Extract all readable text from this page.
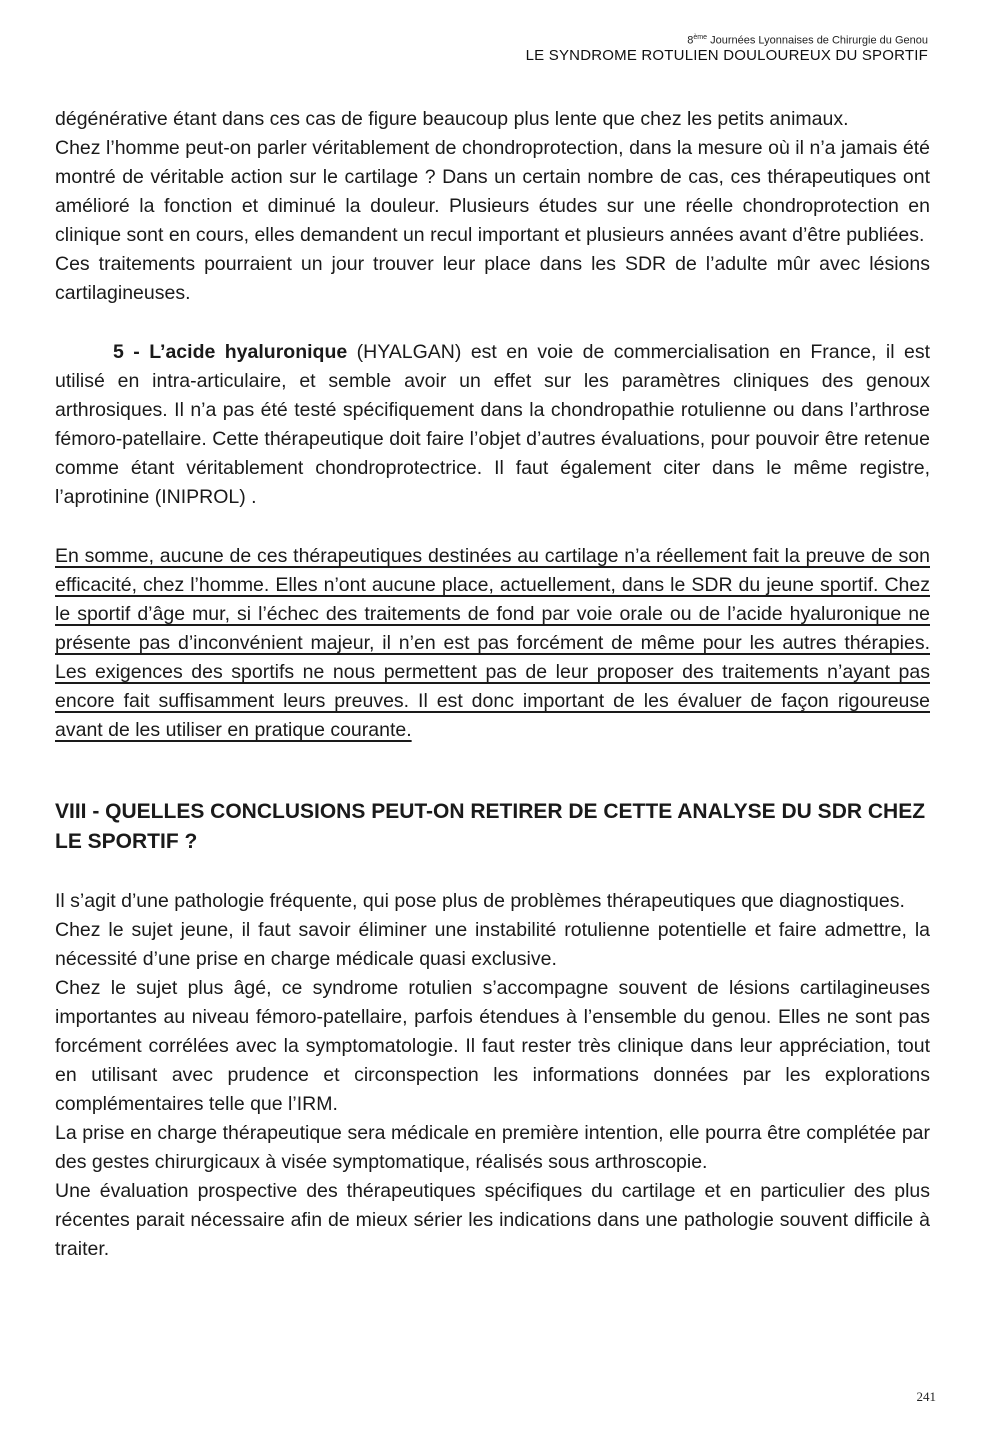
8ème Journées Lyonnaises de Chirurgie du Genou
LE SYNDROME ROTULIEN DOULOUREUX DU SPORTIF

dégénérative étant dans ces cas de figure beaucoup plus lente que chez les petits animaux.

Chez l’homme peut-on parler véritablement de chondroprotection, dans la mesure où il n’a jamais été montré de véritable action sur le cartilage ? Dans un certain nombre de cas, ces thérapeutiques ont amélioré la fonction et diminué la douleur. Plusieurs études sur une réelle chondroprotection en clinique sont en cours, elles demandent un recul important et plusieurs années avant d’être publiées.

Ces traitements pourraient un jour trouver leur place dans les SDR de l’adulte mûr avec lésions cartilagineuses.

5 - L’acide hyaluronique (HYALGAN) est en voie de commercialisation en France, il est utilisé en intra-articulaire, et semble avoir un effet sur les paramètres cliniques des genoux arthrosiques. Il n’a pas été testé spécifiquement dans la chondropathie rotulienne ou dans l’arthrose fémoro-patellaire. Cette thérapeutique doit faire l’objet d’autres évaluations, pour pouvoir être retenue comme étant véritablement chondroprotectrice. Il faut également citer dans le même registre, l’aprotinine (INIPROL) .

En somme, aucune de ces thérapeutiques destinées au cartilage n’a réellement fait la preuve de son efficacité, chez l’homme. Elles n’ont aucune place, actuellement, dans le SDR du jeune sportif. Chez le sportif d’âge mur, si l’échec des traitements de fond par voie orale ou de l’acide hyaluronique ne présente pas d’inconvénient majeur, il n’en est pas forcément de même pour les autres thérapies. Les exigences des sportifs ne nous permettent pas de leur proposer des traitements n’ayant pas encore fait suffisamment leurs preuves. Il est donc important de les évaluer de façon rigoureuse avant de les utiliser en pratique courante.

VIII - QUELLES CONCLUSIONS PEUT-ON RETIRER DE CETTE ANALYSE DU SDR CHEZ LE SPORTIF ?

Il s’agit d’une pathologie fréquente, qui pose plus de problèmes thérapeutiques que diagnostiques.

Chez le sujet jeune, il faut savoir éliminer une instabilité rotulienne potentielle et faire admettre, la nécessité d’une prise en charge médicale quasi exclusive.

Chez le sujet plus âgé, ce syndrome rotulien s’accompagne souvent de lésions cartilagineuses importantes au niveau fémoro-patellaire, parfois étendues à l’ensemble du genou. Elles ne sont pas forcément corrélées avec la symptomatologie. Il faut rester très clinique dans leur appréciation, tout en utilisant avec prudence et circonspection les informations données par les explorations complémentaires telle que l’IRM.

La prise en charge thérapeutique sera médicale en première intention, elle pourra être complétée par des gestes chirurgicaux à visée symptomatique, réalisés sous arthroscopie.

Une évaluation prospective des thérapeutiques spécifiques du cartilage et en particulier des plus récentes parait nécessaire afin de mieux sérier les indications dans une pathologie souvent difficile à traiter.

241
